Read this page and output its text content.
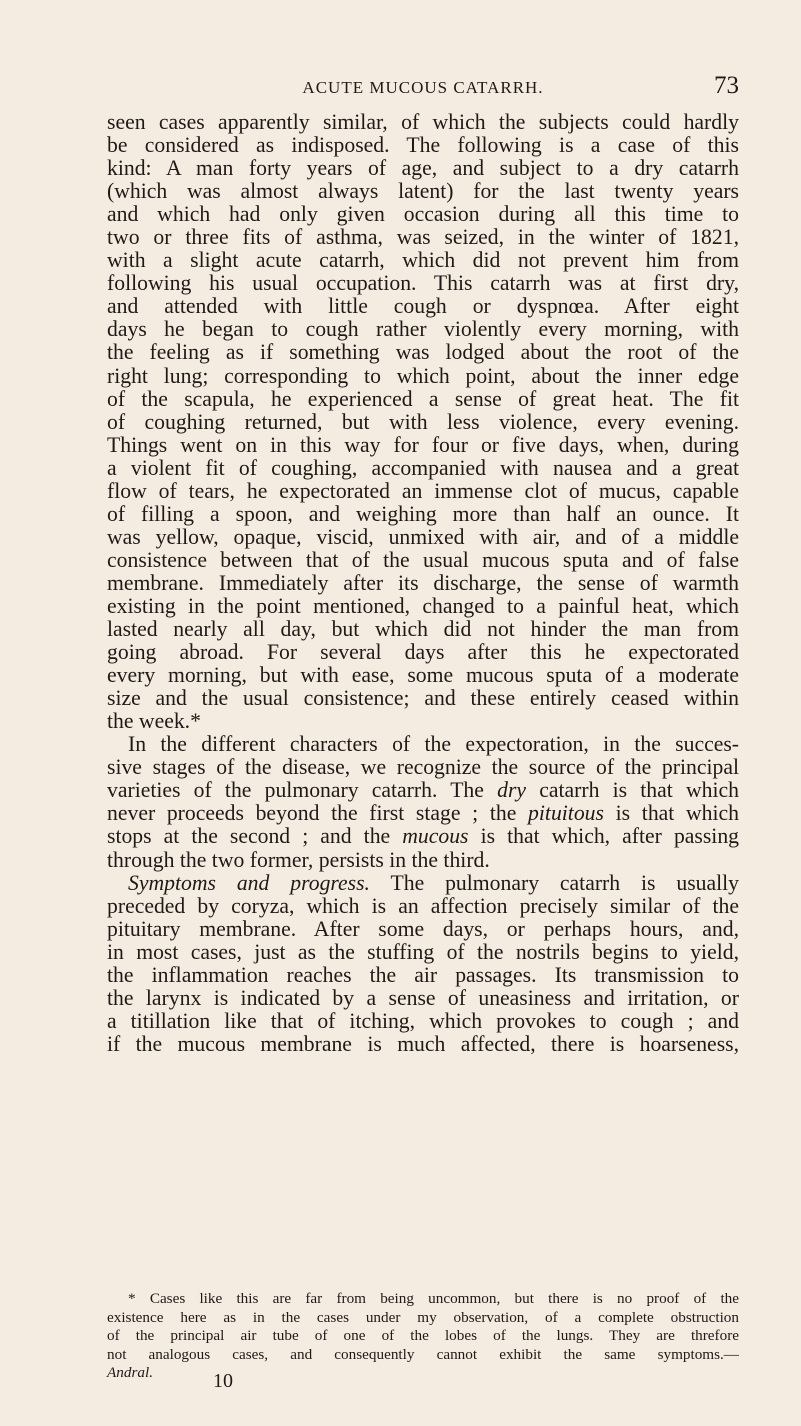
ACUTE MUCOUS CATARRH.	73
seen cases apparently similar, of which the subjects could hardly
be considered as indisposed. The following is a case of this
kind: A man forty years of age, and subject to a dry catarrh
(which was almost always latent) for the last twenty years
and which had only given occasion during all this time to
two or three fits of asthma, was seized, in the winter of 1821,
with a slight acute catarrh, which did not prevent him from
following his usual occupation. This catarrh was at first dry,
and attended with little cough or dyspnœa. After eight
days he began to cough rather violently every morning, with
the feeling as if something was lodged about the root of the
right lung; corresponding to which point, about the inner edge
of the scapula, he experienced a sense of great heat. The fit
of coughing returned, but with less violence, every evening.
Things went on in this way for four or five days, when, during
a violent fit of coughing, accompanied with nausea and a great
flow of tears, he expectorated an immense clot of mucus, capable
of filling a spoon, and weighing more than half an ounce. It
was yellow, opaque, viscid, unmixed with air, and of a middle
consistence between that of the usual mucous sputa and of false
membrane. Immediately after its discharge, the sense of warmth
existing in the point mentioned, changed to a painful heat, which
lasted nearly all day, but which did not hinder the man from
going abroad. For several days after this he expectorated
every morning, but with ease, some mucous sputa of a moderate
size and the usual consistence; and these entirely ceased within
the week.*
In the different characters of the expectoration, in the succes-
sive stages of the disease, we recognize the source of the principal
varieties of the pulmonary catarrh. The dry catarrh is that which
never proceeds beyond the first stage ; the pituitous is that which
stops at the second ; and the mucous is that which, after passing
through the two former, persists in the third.
Symptoms and progress. The pulmonary catarrh is usually
preceded by coryza, which is an affection precisely similar of the
pituitary membrane. After some days, or perhaps hours, and,
in most cases, just as the stuffing of the nostrils begins to yield,
the inflammation reaches the air passages. Its transmission to
the larynx is indicated by a sense of uneasiness and irritation, or
a titillation like that of itching, which provokes to cough ; and
if the mucous membrane is much affected, there is hoarseness,
* Cases like this are far from being uncommon, but there is no proof of the
existence here as in the cases under my observation, of a complete obstruction
of the principal air tube of one of the lobes of the lungs. They are threfore
not analogous cases, and consequently cannot exhibit the same symptoms.—
Andral.	10
